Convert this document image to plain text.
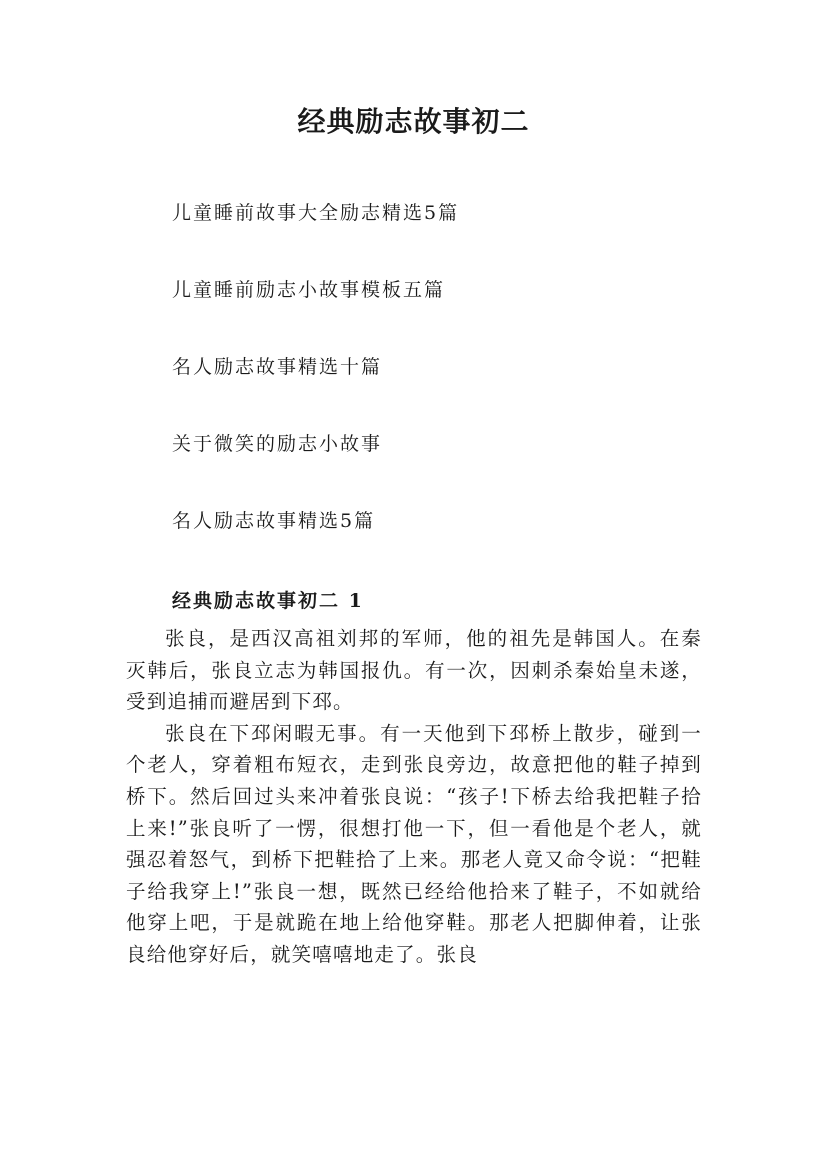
经典励志故事初二
儿童睡前故事大全励志精选5篇
儿童睡前励志小故事模板五篇
名人励志故事精选十篇
关于微笑的励志小故事
名人励志故事精选5篇
经典励志故事初二 1

张良，是西汉高祖刘邦的军师，他的祖先是韩国人。在秦灭韩后，张良立志为韩国报仇。有一次，因刺杀秦始皇未遂，受到追捕而避居到下邳。

张良在下邳闲暇无事。有一天他到下邳桥上散步，碰到一个老人，穿着粗布短衣，走到张良旁边，故意把他的鞋子掉到桥下。然后回过头来冲着张良说：“孩子!下桥去给我把鞋子拾上来!”张良听了一愣，很想打他一下，但一看他是个老人，就强忍着怒气，到桥下把鞋拾了上来。那老人竟又命令说：“把鞋子给我穿上!”张良一想，既然已经给他拾来了鞋子，不如就给他穿上吧，于是就跪在地上给他穿鞋。那老人把脚伸着，让张良给他穿好后，就笑嘻嘻地走了。张良
